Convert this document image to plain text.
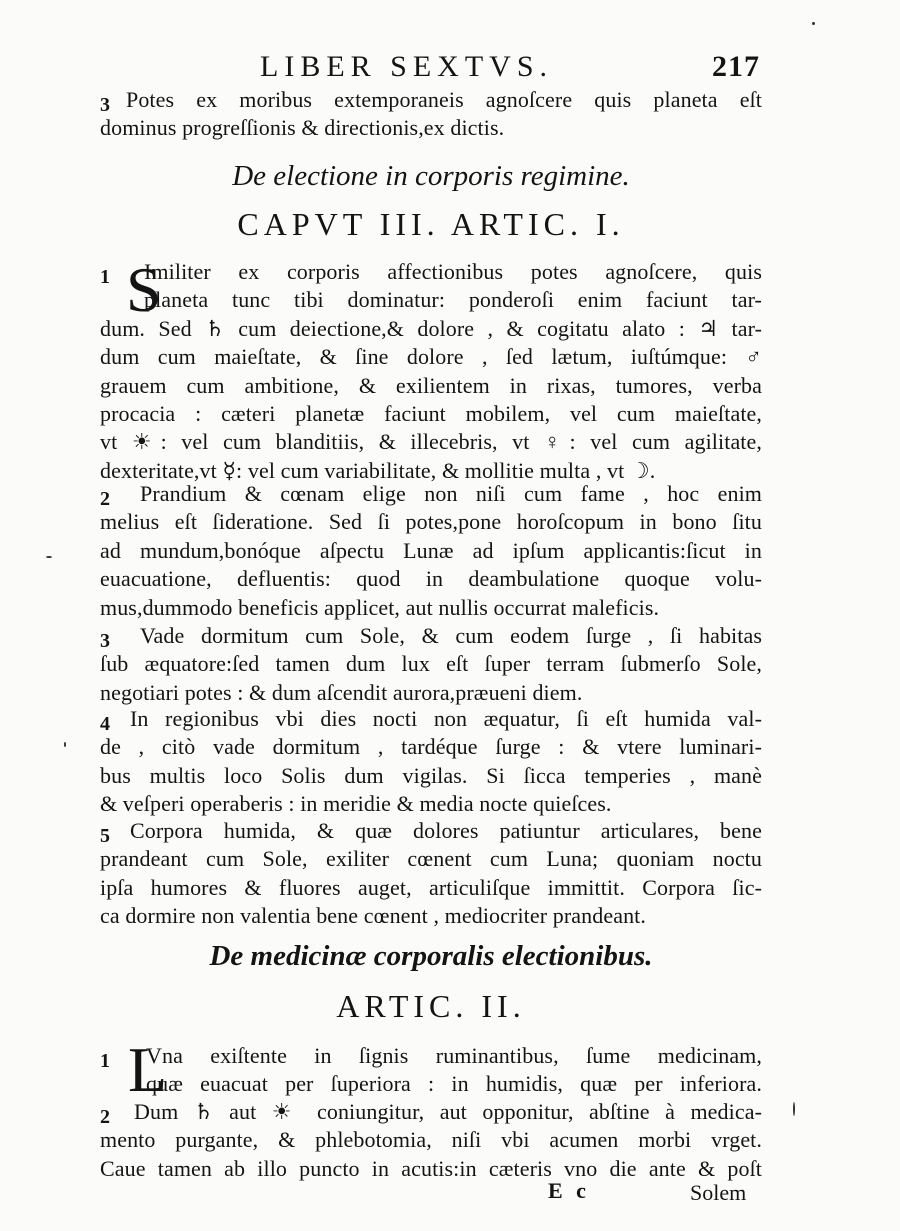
LIBER SEXTVS.	217
3 Potes ex moribus extemporaneis agnoſcere quis planeta eſt
dominus progreſſionis & directionis,ex dictis.
De electione in corporis regimine.
CAPVT III. ARTIC. I.
1 S
Imiliter ex corporis affectionibus potes agnoſcere, quis
planeta tunc tibi dominatur: ponderoſi enim faciunt tar-
dum. Sed ♄ cum deiectione,& dolore , & cogitatu alato : ♃ tar-
dum cum maieſtate, & ſine dolore , ſed lætum, iuſtúmque: ♂
grauem cum ambitione, & exilientem in rixas, tumores, verba
procacia : cæteri planetæ faciunt mobilem, vel cum maieſtate,
vt ☀: vel cum blanditiis, & illecebris, vt ♀: vel cum agilitate,
dexteritate,vt ☿: vel cum variabilitate, & mollitie multa , vt ☽.
2	Prandium & cœnam elige non niſi cum fame , hoc enim
melius eſt ſideratione. Sed ſi potes,pone horoſcopum in bono ſitu
ad mundum,bonóque aſpectu Lunæ ad ipſum applicantis:ſicut in
euacuatione, defluentis: quod in deambulatione quoque volu-
mus,dummodo beneficis applicet, aut nullis occurrat maleficis.
3	Vade dormitum cum Sole, & cum eodem ſurge , ſi habitas
ſub æquatore:ſed tamen dum lux eſt ſuper terram ſubmerſo Sole,
negotiari potes : & dum aſcendit aurora,præueni diem.
4 In regionibus vbi dies nocti non æquatur, ſi eſt humida val-
de , citò vade dormitum , tardéque ſurge : & vtere luminari-
bus multis loco Solis dum vigilas. Si ſicca temperies , manè
& veſperi operaberis : in meridie & media nocte quieſces.
5 Corpora humida, & quæ dolores patiuntur articulares, bene
prandeant cum Sole, exiliter cœnent cum Luna; quoniam noctu
ipſa humores & fluores auget, articuliſque immittit. Corpora ſic-
ca dormire non valentia bene cœnent , mediocriter prandeant.
De medicinæ corporalis electionibus.
ARTIC. II.
1 L
Vna exiſtente in ſignis ruminantibus, ſume medicinam,
quæ euacuat per ſuperiora : in humidis, quæ per inferiora.
2	Dum ♄ aut ☀ coniungitur, aut opponitur, abſtine à medica-
mento purgante, & phlebotomia, niſi vbi acumen morbi vrget.
Caue tamen ab illo puncto in acutis:in cæteris vno die ante & poſt
E c	Solem
